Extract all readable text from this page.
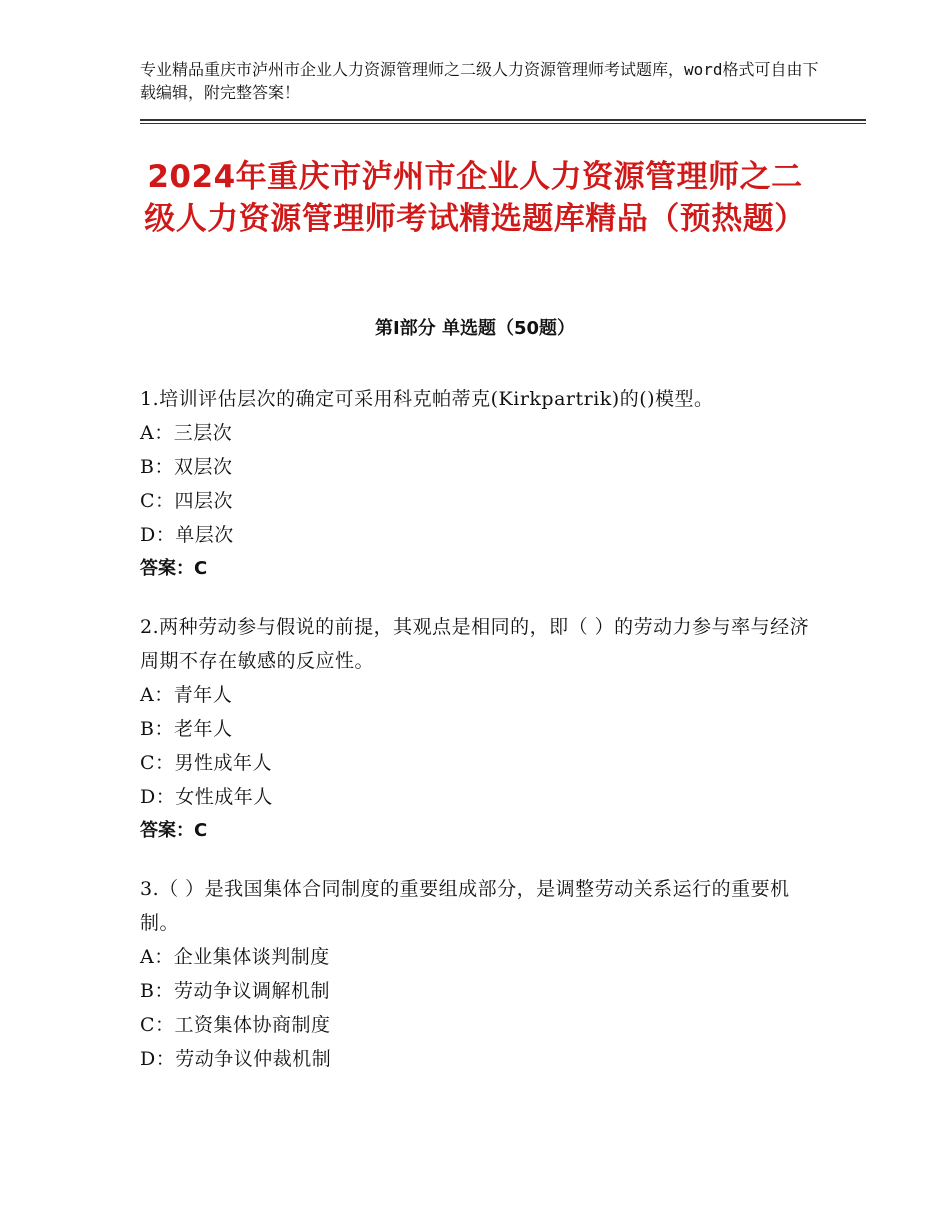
专业精品重庆市泸州市企业人力资源管理师之二级人力资源管理师考试题库，word格式可自由下载编辑，附完整答案！
2024年重庆市泸州市企业人力资源管理师之二级人力资源管理师考试精选题库精品（预热题）
第Ⅰ部分 单选题（50题）
1.培训评估层次的确定可采用科克帕蒂克(Kirkpartrik)的()模型。
A：三层次
B：双层次
C：四层次
D：单层次
答案：C
2.两种劳动参与假说的前提，其观点是相同的，即（ ）的劳动力参与率与经济周期不存在敏感的反应性。
A：青年人
B：老年人
C：男性成年人
D：女性成年人
答案：C
3.（ ）是我国集体合同制度的重要组成部分，是调整劳动关系运行的重要机制。
A：企业集体谈判制度
B：劳动争议调解机制
C：工资集体协商制度
D：劳动争议仲裁机制
